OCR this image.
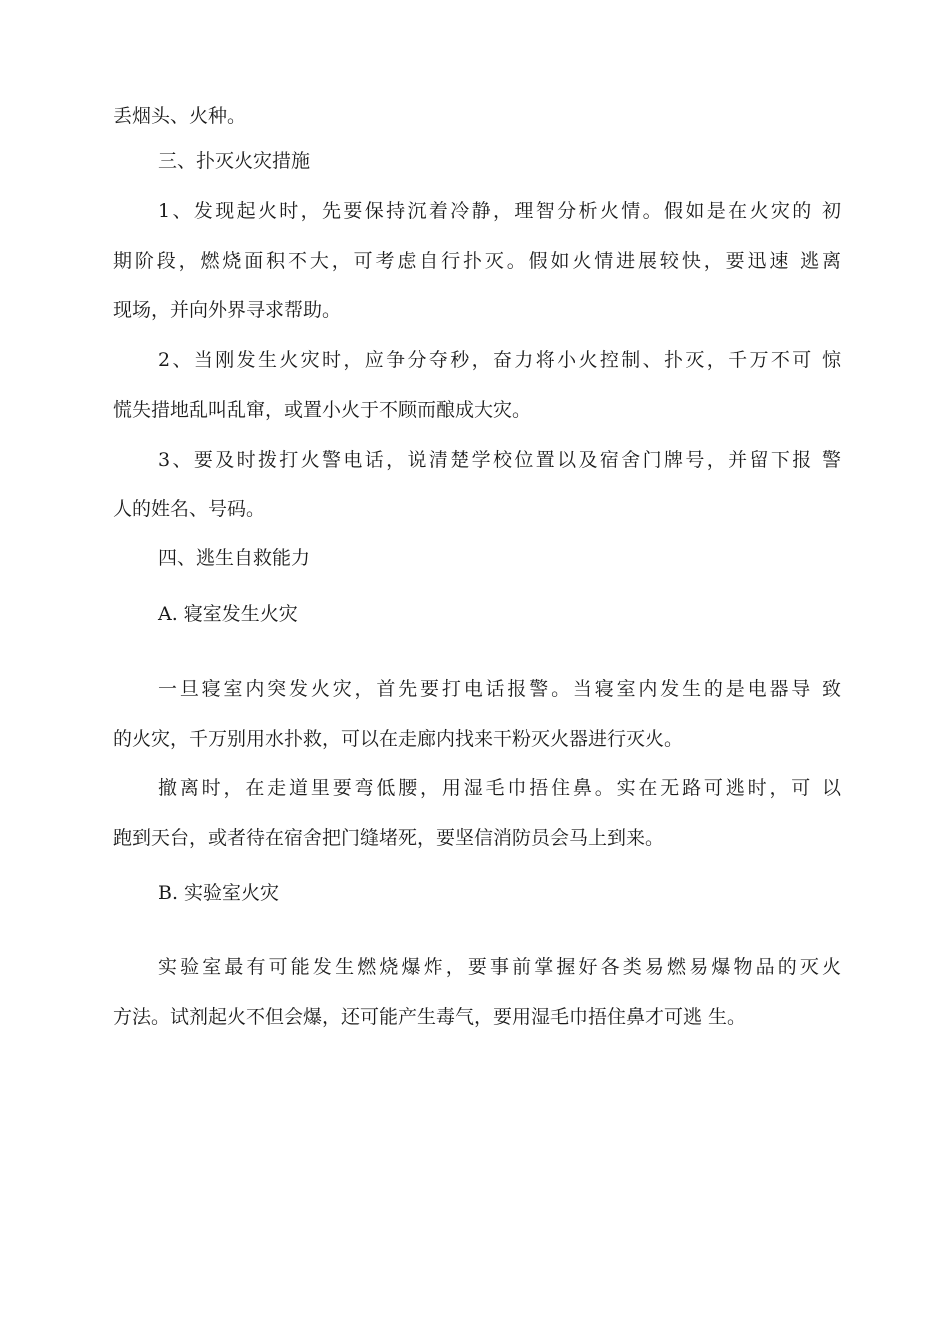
丢烟头、火种。

三、扑灭火灾措施

1、发现起火时，先要保持沉着冷静，理智分析火情。假如是在火灾的 初

期阶段，燃烧面积不大，可考虑自行扑灭。假如火情进展较快，要迅速 逃离

现场，并向外界寻求帮助。

2、当刚发生火灾时，应争分夺秒，奋力将小火控制、扑灭，千万不可 惊

慌失措地乱叫乱窜，或置小火于不顾而酿成大灾。

3、要及时拨打火警电话，说清楚学校位置以及宿舍门牌号，并留下报 警

人的姓名、号码。

四、逃生自救能力

A. 寝室发生火灾

一旦寝室内突发火灾，首先要打电话报警。当寝室内发生的是电器导 致

的火灾，千万别用水扑救，可以在走廊内找来干粉灭火器进行灭火。

撤离时，在走道里要弯低腰，用湿毛巾捂住鼻。实在无路可逃时，可 以

跑到天台，或者待在宿舍把门缝堵死，要坚信消防员会马上到来。

B. 实验室火灾

实验室最有可能发生燃烧爆炸，要事前掌握好各类易燃易爆物品的灭火

方法。试剂起火不但会爆，还可能产生毒气，要用湿毛巾捂住鼻才可逃 生。
